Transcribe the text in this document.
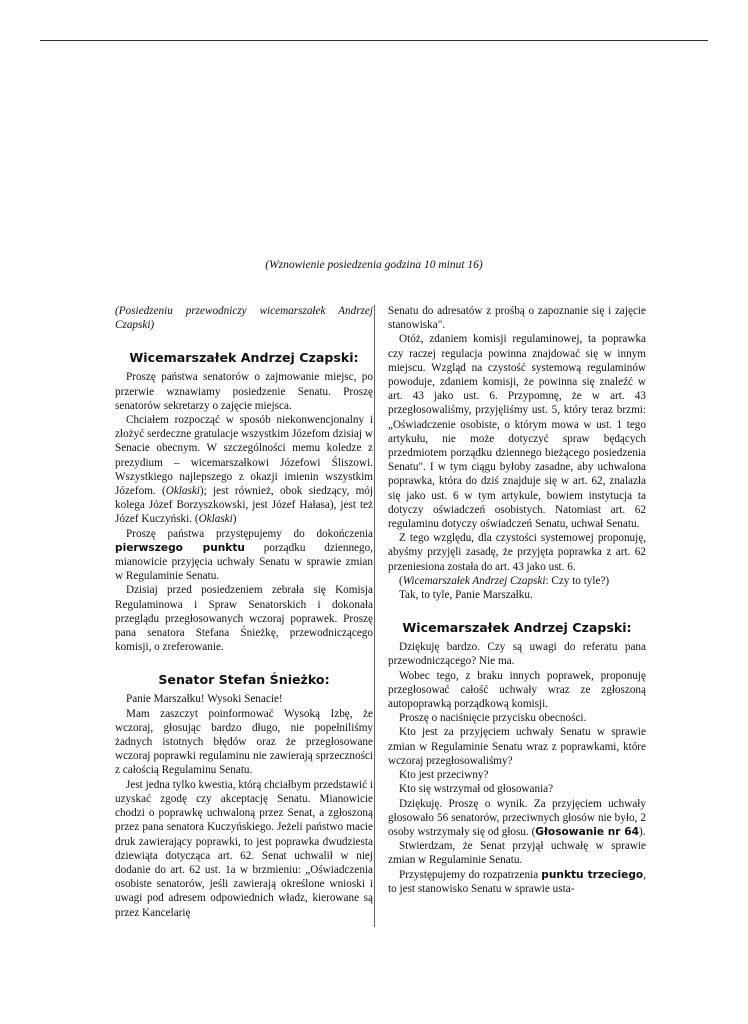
(Wznowienie posiedzenia godzina 10 minut 16)

(Posiedzeniu przewodniczy wicemarszałek Andrzej Czapski)

Wicemarszałek Andrzej Czapski:

Proszę państwa senatorów o zajmowanie miejsc, po przerwie wznawiamy posiedzenie Senatu. Proszę senatorów sekretarzy o zajęcie miejsca.

Chciałem rozpocząć w sposób niekonwencjonalny i złożyć serdeczne gratulacje wszystkim Józefom dzisiaj w Senacie obecnym. W szczególności memu koledze z prezydium – wicemarszałkowi Józefowi Śliszowi. Wszystkiego najlepszego z okazji imienin wszystkim Józefom. (Oklaski); jest również, obok siedzący, mój kolega Józef Borzyszkowski, jest Józef Hałasa), jest też Józef Kuczyński. (Oklaski)

Proszę państwa przystępujemy do dokończenia pierwszego punktu porządku dziennego, mianowicie przyjęcia uchwały Senatu w sprawie zmian w Regulaminie Senatu.

Dzisiaj przed posiedzeniem zebrała się Komisja Regulaminowa i Spraw Senatorskich i dokonała przeglądu przegłosowanych wczoraj poprawek. Proszę pana senatora Stefana Śnieżkę, przewodniczącego komisji, o zreferowanie.

Senator Stefan Śnieżko:

Panie Marszałku! Wysoki Senacie!

Mam zaszczyt poinformować Wysoką Izbę, że wczoraj, głosując bardzo długo, nie popełniliśmy żadnych istotnych błędów oraz że przegłosowane wczoraj poprawki regulaminu nie zawierają sprzeczności z całością Regulaminu Senatu.

Jest jedna tylko kwestia, którą chciałbym przedstawić i uzyskać zgodę czy akceptację Senatu. Mianowicie chodzi o poprawkę uchwaloną przez Senat, a zgłoszoną przez pana senatora Kuczyńskiego. Jeżeli państwo macie druk zawierający poprawki, to jest poprawka dwudziesta dziewiąta dotycząca art. 62. Senat uchwalił w niej dodanie do art. 62 ust. 1a w brzmieniu: „Oświadczenia osobiste senatorów, jeśli zawierają określone wnioski i uwagi pod adresem odpowiednich władz, kierowane są przez Kancelarię

Senatu do adresatów z prośbą o zapoznanie się i zajęcie stanowiska".

Otóż, zdaniem komisji regulaminowej, ta poprawka czy raczej regulacja powinna znajdować się w innym miejscu. Wzgląd na czystość systemową regulaminów powoduje, zdaniem komisji, że powinna się znaleźć w art. 43 jako ust. 6. Przypomnę, że w art. 43 przegłosowaliśmy, przyjęliśmy ust. 5, który teraz brzmi: „Oświadczenie osobiste, o którym mowa w ust. 1 tego artykułu, nie może dotyczyć spraw będących przedmiotem porządku dziennego bieżącego posiedzenia Senatu". I w tym ciągu byłoby zasadne, aby uchwalona poprawka, która do dziś znajduje się w art. 62, znalazła się jako ust. 6 w tym artykule, bowiem instytucja ta dotyczy oświadczeń osobistych. Natomiast art. 62 regulaminu dotyczy oświadczeń Senatu, uchwał Senatu.

Z tego względu, dla czystości systemowej proponuję, abyśmy przyjęli zasadę, że przyjęta poprawka z art. 62 przeniesiona została do art. 43 jako ust. 6.

(Wicemarszałek Andrzej Czapski: Czy to tyle?)

Tak, to tyle, Panie Marszałku.

Wicemarszałek Andrzej Czapski:

Dziękuję bardzo. Czy są uwagi do referatu pana przewodniczącego? Nie ma.

Wobec tego, z braku innych poprawek, proponuję przegłosować całość uchwały wraz ze zgłoszoną autopoprawką porządkową komisji.

Proszę o naciśnięcie przycisku obecności.

Kto jest za przyjęciem uchwały Senatu w sprawie zmian w Regulaminie Senatu wraz z poprawkami, które wczoraj przegłosowaliśmy?

Kto jest przeciwny?

Kto się wstrzymał od głosowania?

Dziękuję. Proszę o wynik. Za przyjęciem uchwały głosowało 56 senatorów, przeciwnych głosów nie było, 2 osoby wstrzymały się od głosu. (Głosowanie nr 64).

Stwierdzam, że Senat przyjął uchwałę w sprawie zmian w Regulaminie Senatu.

Przystępujemy do rozpatrzenia punktu trzeciego, to jest stanowisko Senatu w sprawie usta-
